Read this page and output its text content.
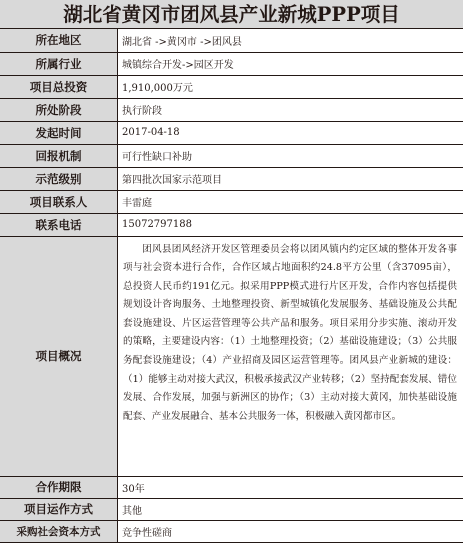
湖北省黄冈市团风县产业新城PPP项目
所在地区	湖北省 ->黄冈市 ->团风县
所属行业	城镇综合开发->园区开发
项目总投资	1,910,000万元
所处阶段	执行阶段
发起时间	2017-04-18
回报机制	可行性缺口补助
示范级别	第四批次国家示范项目
项目联系人	丰雷庭
联系电话	15072797188
项目概况	团风县团风经济开发区管理委员会将以团风镇内约定区域的整体开发各事项与社会资本进行合作，合作区域占地面积约24.8平方公里（含37095亩），总投资人民币约191亿元。拟采用PPP模式进行片区开发，合作内容包括提供规划设计咨询服务、土地整理投资、新型城镇化发展服务、基础设施及公共配套设施建设、片区运营管理等公共产品和服务。项目采用分步实施、滚动开发的策略，主要建设内容：（1）土地整理投资；（2）基础设施建设；（3）公共服务配套设施建设；（4）产业招商及园区运营管理等。团风县产业新城的建设：（1）能够主动对接大武汉，积极承接武汉产业转移；（2）坚持配套发展、错位发展、合作发展，加强与新洲区的协作；（3）主动对接大黄冈，加快基础设施配套、产业发展融合、基本公共服务一体，积极融入黄冈都市区。
合作期限	30年
项目运作方式	其他
采购社会资本方式	竞争性磋商
